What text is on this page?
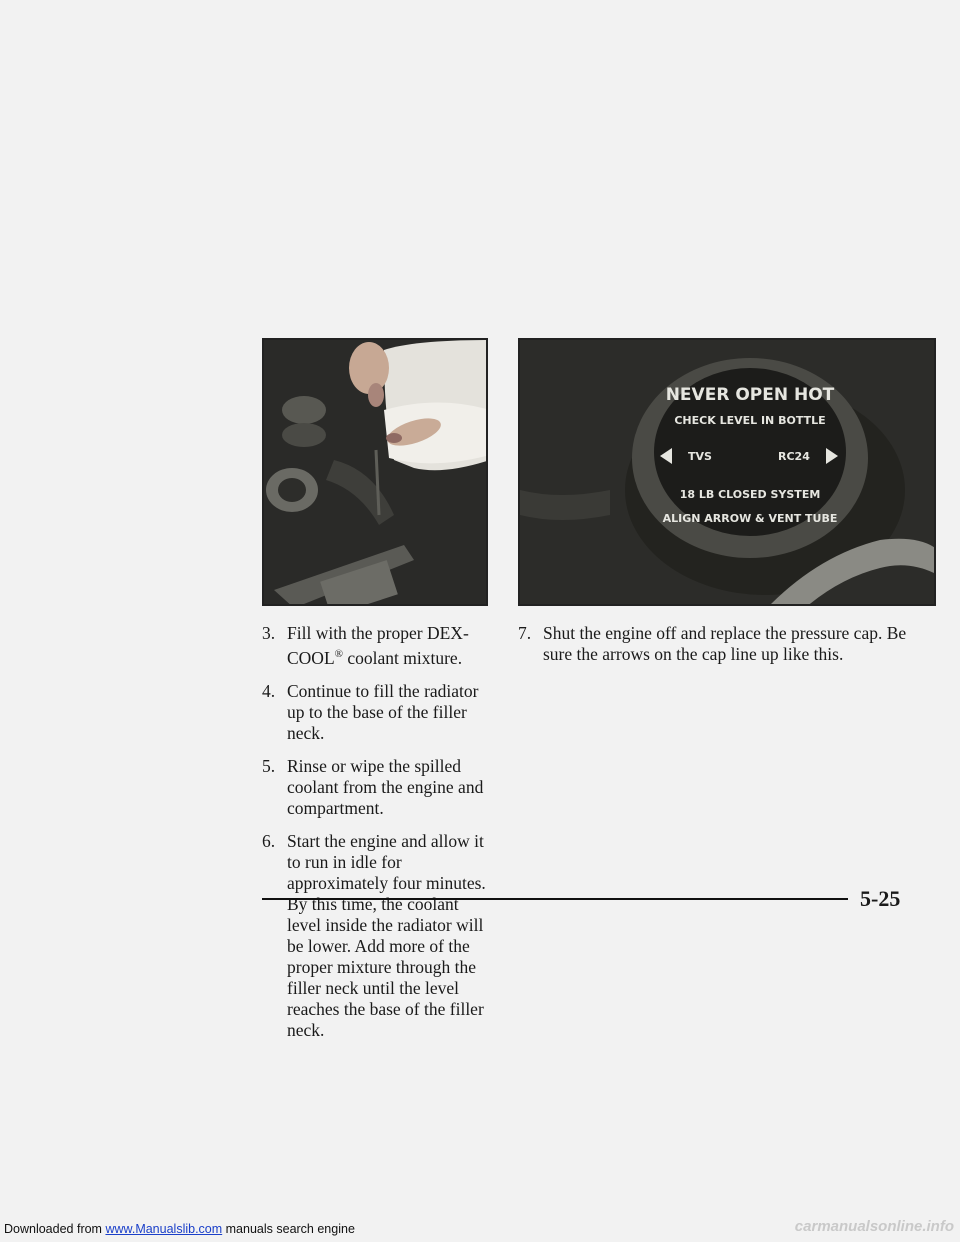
NEVER OPEN HOT
CHECK LEVEL IN BOTTLE
TVS	RC24
18 LB CLOSED SYSTEM
ALIGN ARROW & VENT TUBE
3. Fill with the proper DEX-COOL® coolant mixture.
4. Continue to fill the radiator up to the base of the filler neck.
5. Rinse or wipe the spilled coolant from the engine and compartment.
6. Start the engine and allow it to run in idle for approximately four minutes. By this time, the coolant level inside the radiator will be lower. Add more of the proper mixture through the filler neck until the level reaches the base of the filler neck.
7. Shut the engine off and replace the pressure cap. Be sure the arrows on the cap line up like this.
5-25
Downloaded from www.Manualslib.com manuals search engine	carmanualsonline.info
